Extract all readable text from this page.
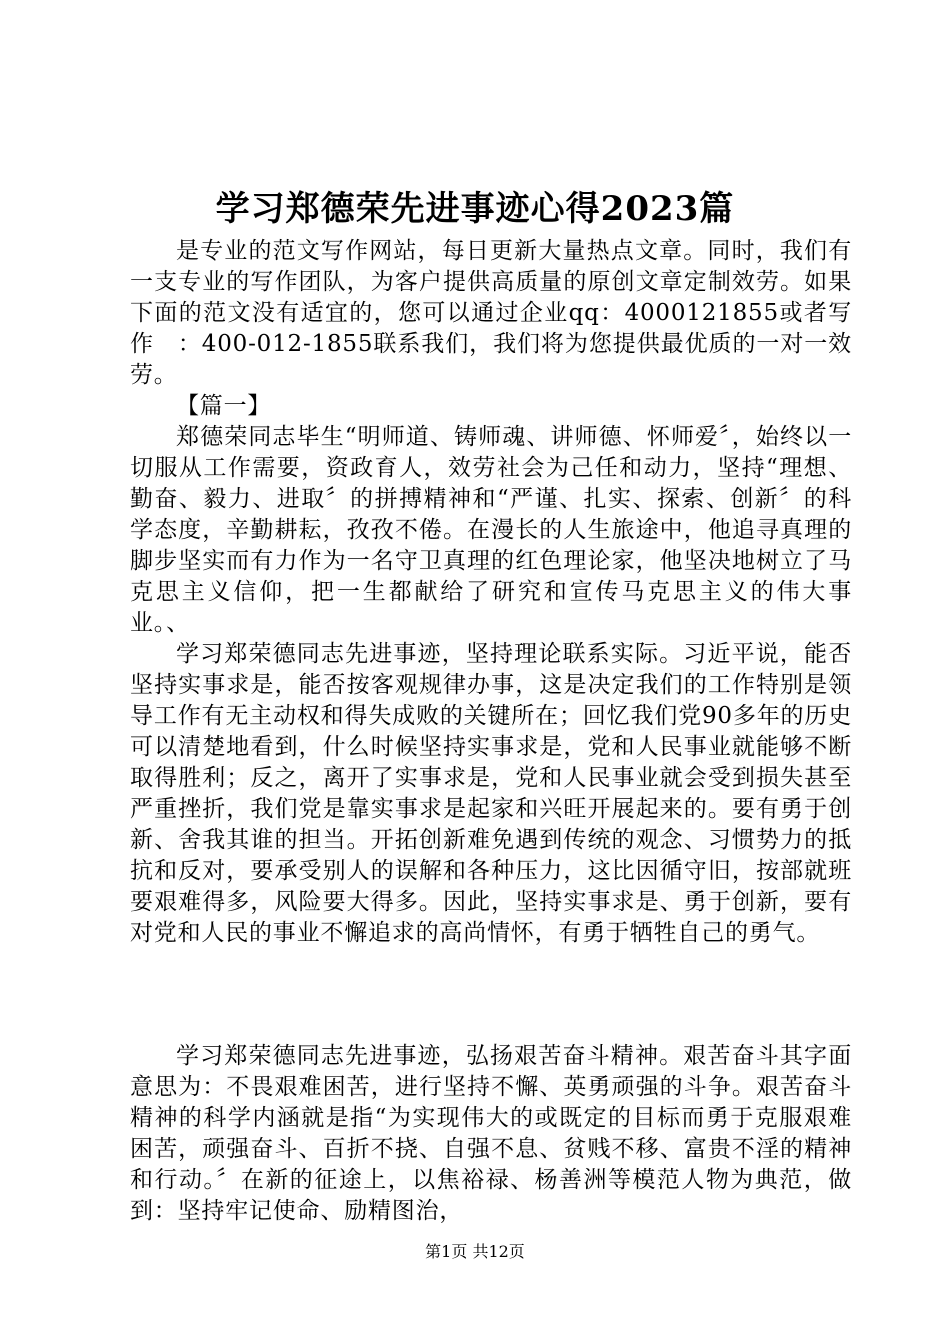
学习郑德荣先进事迹心得2023篇
是专业的范文写作网站，每日更新大量热点文章。同时，我们有一支专业的写作团队，为客户提供高质量的原创文章定制效劳。如果下面的范文没有适宜的，您可以通过企业qq：4000121855或者写作　：400-012-1855联系我们，我们将为您提供最优质的一对一效劳。
【篇一】
郑德荣同志毕生“明师道、铸师魂、讲师德、怀师爱〞，始终以一切服从工作需要，资政育人，效劳社会为己任和动力，坚持“理想、勤奋、毅力、进取〞的拼搏精神和“严谨、扎实、探索、创新〞的科学态度，辛勤耕耘，孜孜不倦。在漫长的人生旅途中，他追寻真理的脚步坚实而有力作为一名守卫真理的红色理论家，他坚决地树立了马克思主义信仰，把一生都献给了研究和宣传马克思主义的伟大事业。、
学习郑荣德同志先进事迹，坚持理论联系实际。习近平说，能否坚持实事求是，能否按客观规律办事，这是决定我们的工作特别是领导工作有无主动权和得失成败的关键所在；回忆我们党90多年的历史可以清楚地看到，什么时候坚持实事求是，党和人民事业就能够不断取得胜利；反之，离开了实事求是，党和人民事业就会受到损失甚至严重挫折，我们党是靠实事求是起家和兴旺开展起来的。要有勇于创新、舍我其谁的担当。开拓创新难免遇到传统的观念、习惯势力的抵抗和反对，要承受别人的误解和各种压力，这比因循守旧，按部就班要艰难得多，风险要大得多。因此，坚持实事求是、勇于创新，要有对党和人民的事业不懈追求的高尚情怀，有勇于牺牲自己的勇气。
学习郑荣德同志先进事迹，弘扬艰苦奋斗精神。艰苦奋斗其字面意思为：不畏艰难困苦，进行坚持不懈、英勇顽强的斗争。艰苦奋斗精神的科学内涵就是指“为实现伟大的或既定的目标而勇于克服艰难困苦，顽强奋斗、百折不挠、自强不息、贫贱不移、富贵不淫的精神和行动。〞在新的征途上，以焦裕禄、杨善洲等模范人物为典范，做到：坚持牢记使命、励精图治，
第1页 共12页
